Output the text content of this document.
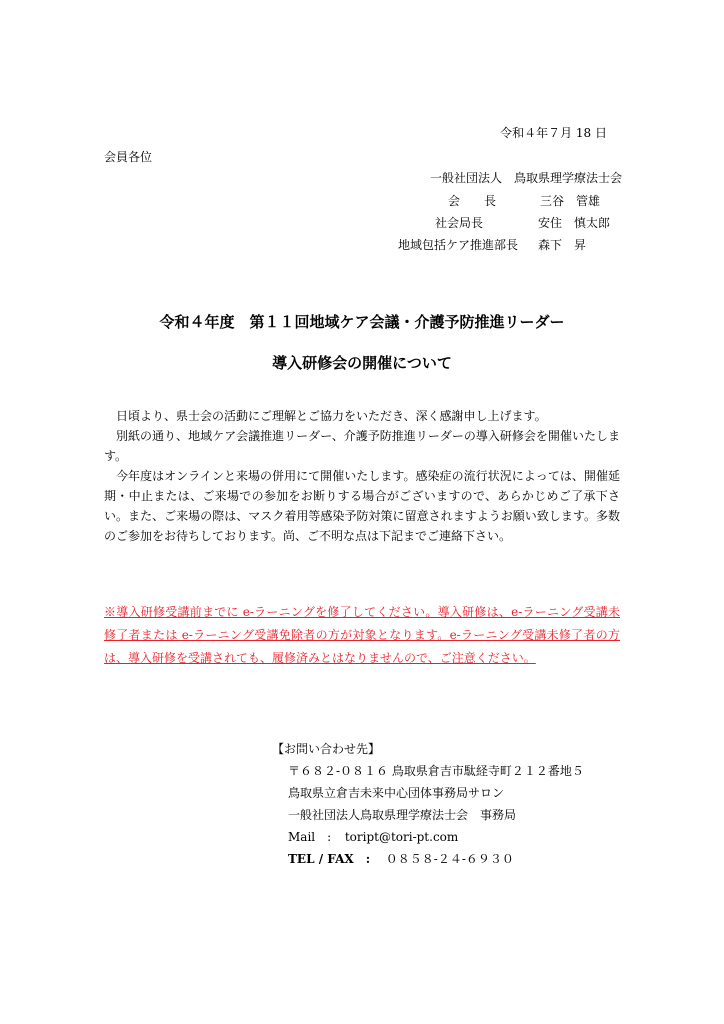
令和４年７月 18 日
会員各位
一般社団法人　鳥取県理学療法士会
会　　長	三谷　管雄
社会局長	安住　慎太郎
地域包括ケア推進部長 森下　昇
令和４年度　第１１回地域ケア会議・介護予防推進リーダー
導入研修会の開催について

日頃より、県士会の活動にご理解とご協力をいただき、深く感謝申し上げます。

別紙の通り、地域ケア会議推進リーダー、介護予防推進リーダーの導入研修会を開催いたします。

今年度はオンラインと来場の併用にて開催いたします。感染症の流行状況によっては、開催延期・中止または、ご来場での参加をお断りする場合がございますので、あらかじめご了承下さい。また、ご来場の際は、マスク着用等感染予防対策に留意されますようお願い致します。多数のご参加をお待ちしております。尚、ご不明な点は下記までご連絡下さい。

※導入研修受講前までに e‐ラーニングを修了してください。導入研修は、e‐ラーニング受講未修了者または e‐ラーニング受講免除者の方が対象となります。e‐ラーニング受講未修了者の方は、導入研修を受講されても、履修済みとはなりませんので、ご注意ください。
【お問い合わせ先】
〒６８２‐０８１６ 鳥取県倉吉市駄経寺町２１２番地５
鳥取県立倉吉未来中心団体事務局サロン
一般社団法人鳥取県理学療法士会　事務局
Mail　: toript@tori-pt.com
TEL / FAX　: ０８５８‐２４‐６９３０
